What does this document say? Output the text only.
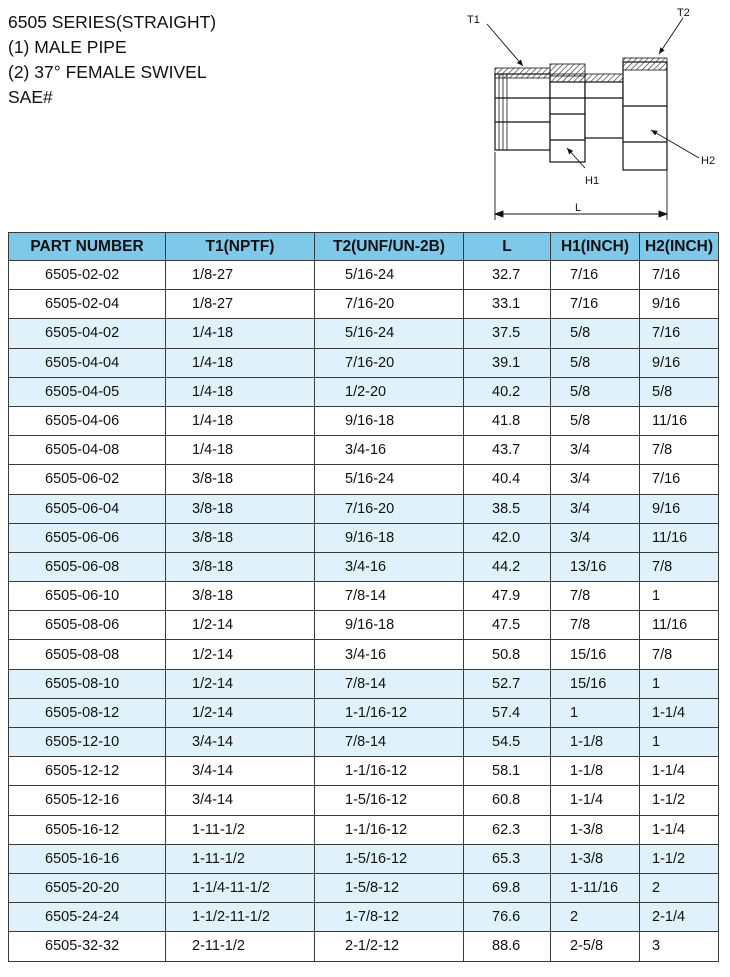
6505 SERIES(STRAIGHT)
(1) MALE PIPE
(2) 37° FEMALE SWIVEL
SAE#
T1
T2
H1
H2
L
PART NUMBER	T1(NPTF)	T2(UNF/UN-2B)	L	H1(INCH)	H2(INCH)
6505-02-02	1/8-27	5/16-24	32.7	7/16	7/16
6505-02-04	1/8-27	7/16-20	33.1	7/16	9/16
6505-04-02	1/4-18	5/16-24	37.5	5/8	7/16
6505-04-04	1/4-18	7/16-20	39.1	5/8	9/16
6505-04-05	1/4-18	1/2-20	40.2	5/8	5/8
6505-04-06	1/4-18	9/16-18	41.8	5/8	11/16
6505-04-08	1/4-18	3/4-16	43.7	3/4	7/8
6505-06-02	3/8-18	5/16-24	40.4	3/4	7/16
6505-06-04	3/8-18	7/16-20	38.5	3/4	9/16
6505-06-06	3/8-18	9/16-18	42.0	3/4	11/16
6505-06-08	3/8-18	3/4-16	44.2	13/16	7/8
6505-06-10	3/8-18	7/8-14	47.9	7/8	1
6505-08-06	1/2-14	9/16-18	47.5	7/8	11/16
6505-08-08	1/2-14	3/4-16	50.8	15/16	7/8
6505-08-10	1/2-14	7/8-14	52.7	15/16	1
6505-08-12	1/2-14	1-1/16-12	57.4	1	1-1/4
6505-12-10	3/4-14	7/8-14	54.5	1-1/8	1
6505-12-12	3/4-14	1-1/16-12	58.1	1-1/8	1-1/4
6505-12-16	3/4-14	1-5/16-12	60.8	1-1/4	1-1/2
6505-16-12	1-11-1/2	1-1/16-12	62.3	1-3/8	1-1/4
6505-16-16	1-11-1/2	1-5/16-12	65.3	1-3/8	1-1/2
6505-20-20	1-1/4-11-1/2	1-5/8-12	69.8	1-11/16	2
6505-24-24	1-1/2-11-1/2	1-7/8-12	76.6	2	2-1/4
6505-32-32	2-11-1/2	2-1/2-12	88.6	2-5/8	3
